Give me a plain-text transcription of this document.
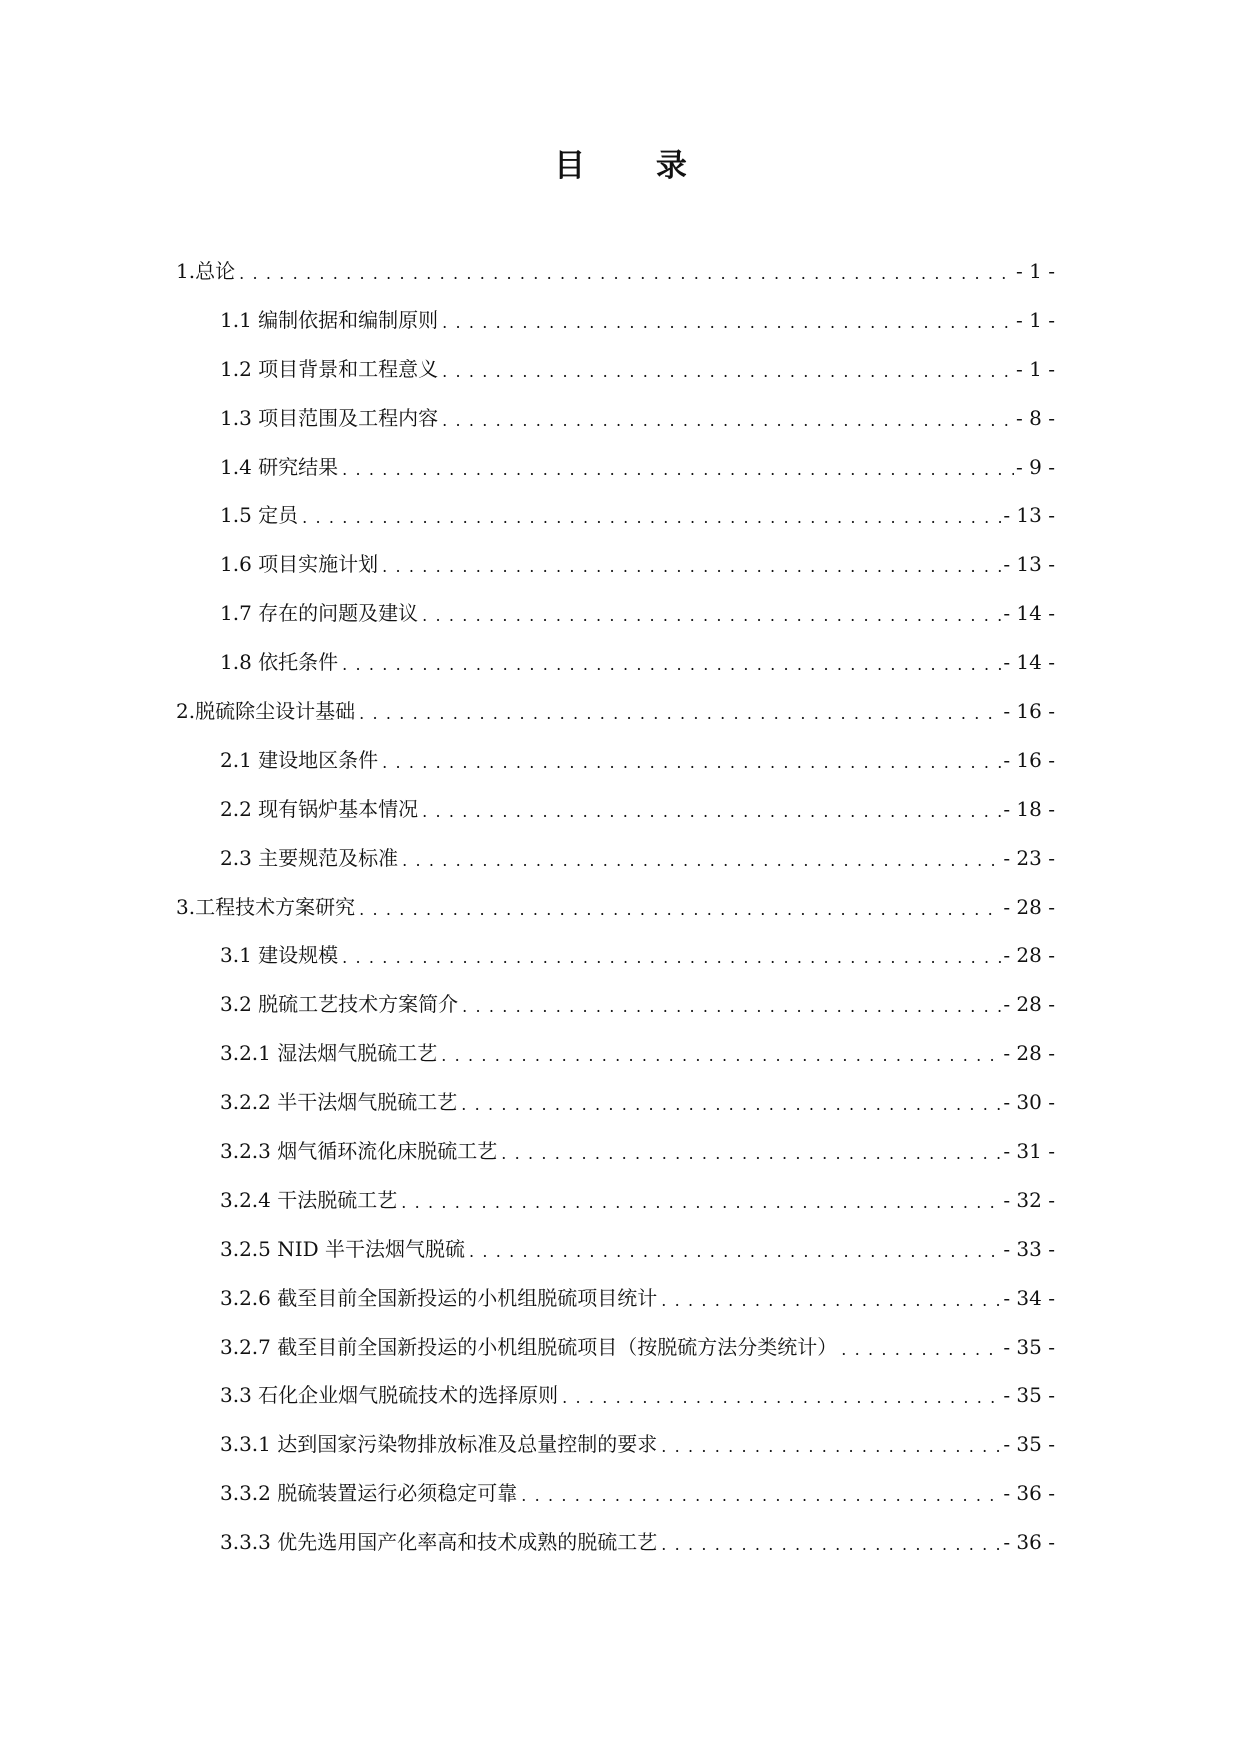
目 录
1.总论 . . .	- 1 -
1.1 编制依据和编制原则 . . .	- 1 -
1.2 项目背景和工程意义 . . .	- 1 -
1.3 项目范围及工程内容 . . .	- 8 -
1.4 研究结果 . . .	- 9 -
1.5 定员 . . .	- 13 -
1.6 项目实施计划 . . .	- 13 -
1.7 存在的问题及建议 . . .	- 14 -
1.8 依托条件 . . .	- 14 -
2.脱硫除尘设计基础 . . .	- 16 -
2.1 建设地区条件 . . .	- 16 -
2.2 现有锅炉基本情况 . . .	- 18 -
2.3 主要规范及标准 . . .	- 23 -
3.工程技术方案研究 . . .	- 28 -
3.1 建设规模 . . .	- 28 -
3.2 脱硫工艺技术方案简介 . . .	- 28 -
3.2.1 湿法烟气脱硫工艺 . . .	- 28 -
3.2.2 半干法烟气脱硫工艺 . . .	- 30 -
3.2.3 烟气循环流化床脱硫工艺 . . .	- 31 -
3.2.4 干法脱硫工艺 . . .	- 32 -
3.2.5 NID 半干法烟气脱硫 . . .	- 33 -
3.2.6 截至目前全国新投运的小机组脱硫项目统计 . . .	- 34 -
3.2.7 截至目前全国新投运的小机组脱硫项目（按脱硫方法分类统计） . . .	- 35 -
3.3 石化企业烟气脱硫技术的选择原则 . . .	- 35 -
3.3.1 达到国家污染物排放标准及总量控制的要求 . . .	- 35 -
3.3.2 脱硫装置运行必须稳定可靠 . . .	- 36 -
3.3.3 优先选用国产化率高和技术成熟的脱硫工艺 . . .	- 36 -
